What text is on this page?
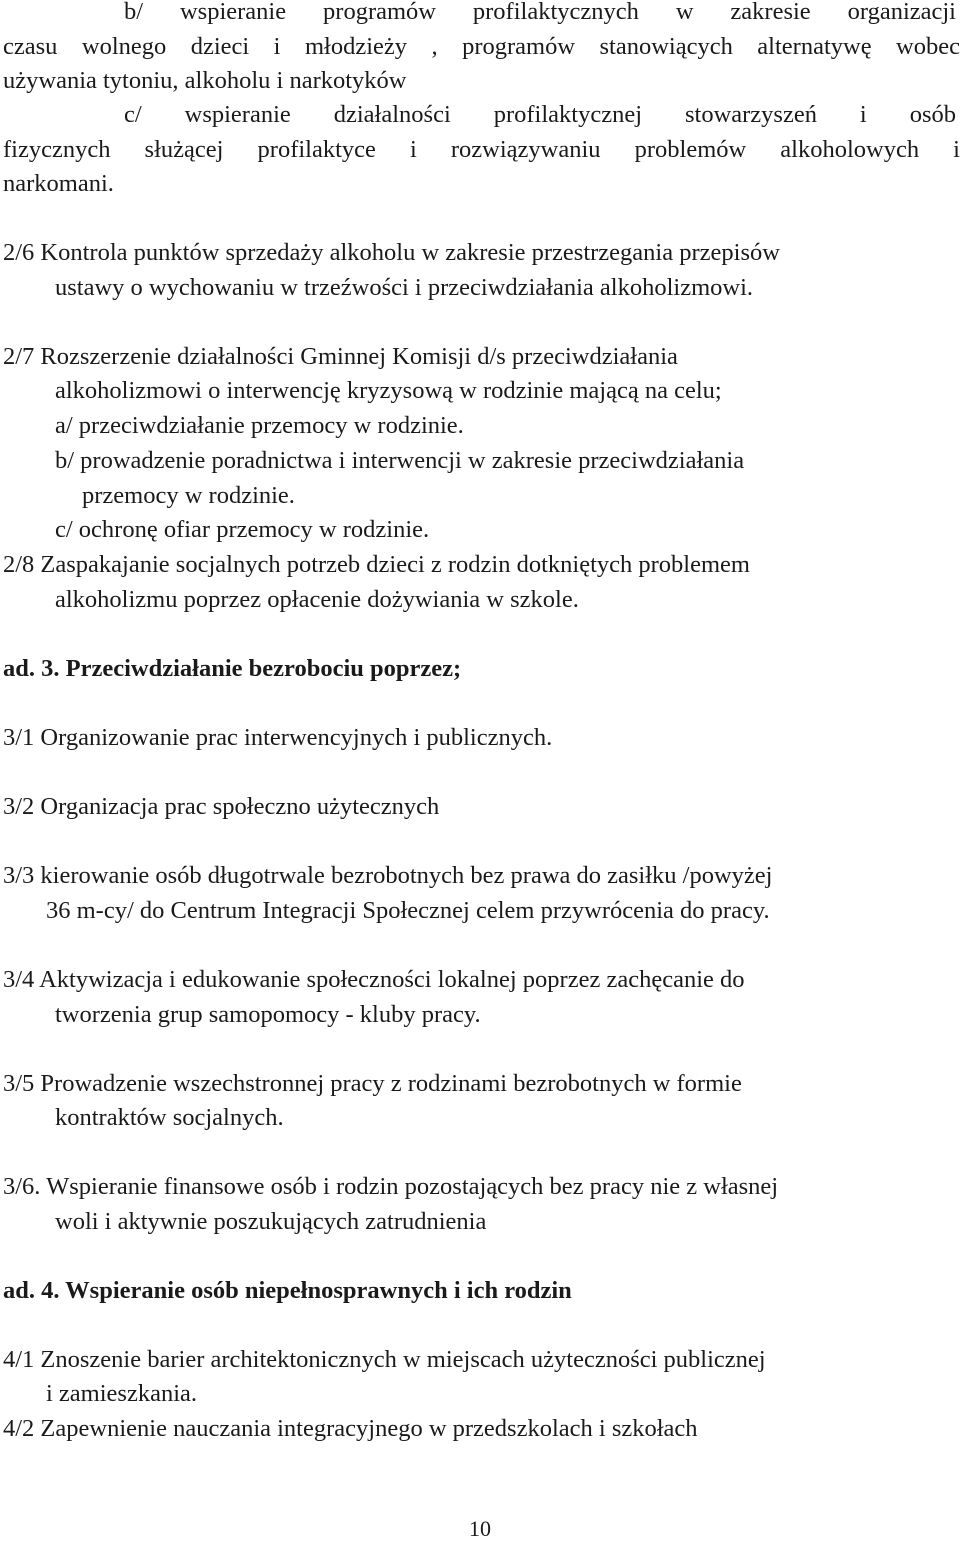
b/ wspieranie programów profilaktycznych w zakresie organizacji

czasu wolnego dzieci i młodzieży , programów stanowiących alternatywę wobec

używania tytoniu, alkoholu i narkotyków

c/ wspieranie działalności profilaktycznej stowarzyszeń i osób

fizycznych służącej profilaktyce i rozwiązywaniu problemów alkoholowych i

narkomani.

2/6 Kontrola punktów sprzedaży alkoholu w zakresie przestrzegania przepisów

ustawy o wychowaniu w trzeźwości i przeciwdziałania alkoholizmowi.

2/7 Rozszerzenie działalności Gminnej Komisji d/s przeciwdziałania

alkoholizmowi o interwencję kryzysową w rodzinie mającą na celu;

a/ przeciwdziałanie przemocy w rodzinie.

b/ prowadzenie poradnictwa i interwencji w zakresie przeciwdziałania

przemocy w rodzinie.

c/ ochronę ofiar przemocy w rodzinie.

2/8 Zaspakajanie socjalnych potrzeb dzieci z rodzin dotkniętych problemem

alkoholizmu poprzez opłacenie dożywiania w szkole.

ad. 3. Przeciwdziałanie bezrobociu poprzez;

3/1 Organizowanie prac interwencyjnych i publicznych.

3/2 Organizacja prac społeczno użytecznych

3/3 kierowanie osób długotrwale bezrobotnych bez prawa do zasiłku /powyżej

36 m-cy/ do Centrum Integracji Społecznej celem przywrócenia do pracy.

3/4 Aktywizacja i edukowanie społeczności lokalnej poprzez zachęcanie do

tworzenia grup samopomocy - kluby pracy.

3/5 Prowadzenie wszechstronnej pracy z rodzinami bezrobotnych w formie

kontraktów socjalnych.

3/6. Wspieranie finansowe osób i rodzin pozostających bez pracy nie z własnej

woli i aktywnie poszukujących zatrudnienia

ad. 4. Wspieranie osób niepełnosprawnych i ich rodzin

4/1 Znoszenie barier architektonicznych w miejscach użyteczności publicznej

i zamieszkania.

4/2 Zapewnienie nauczania integracyjnego w przedszkolach i szkołach

10
